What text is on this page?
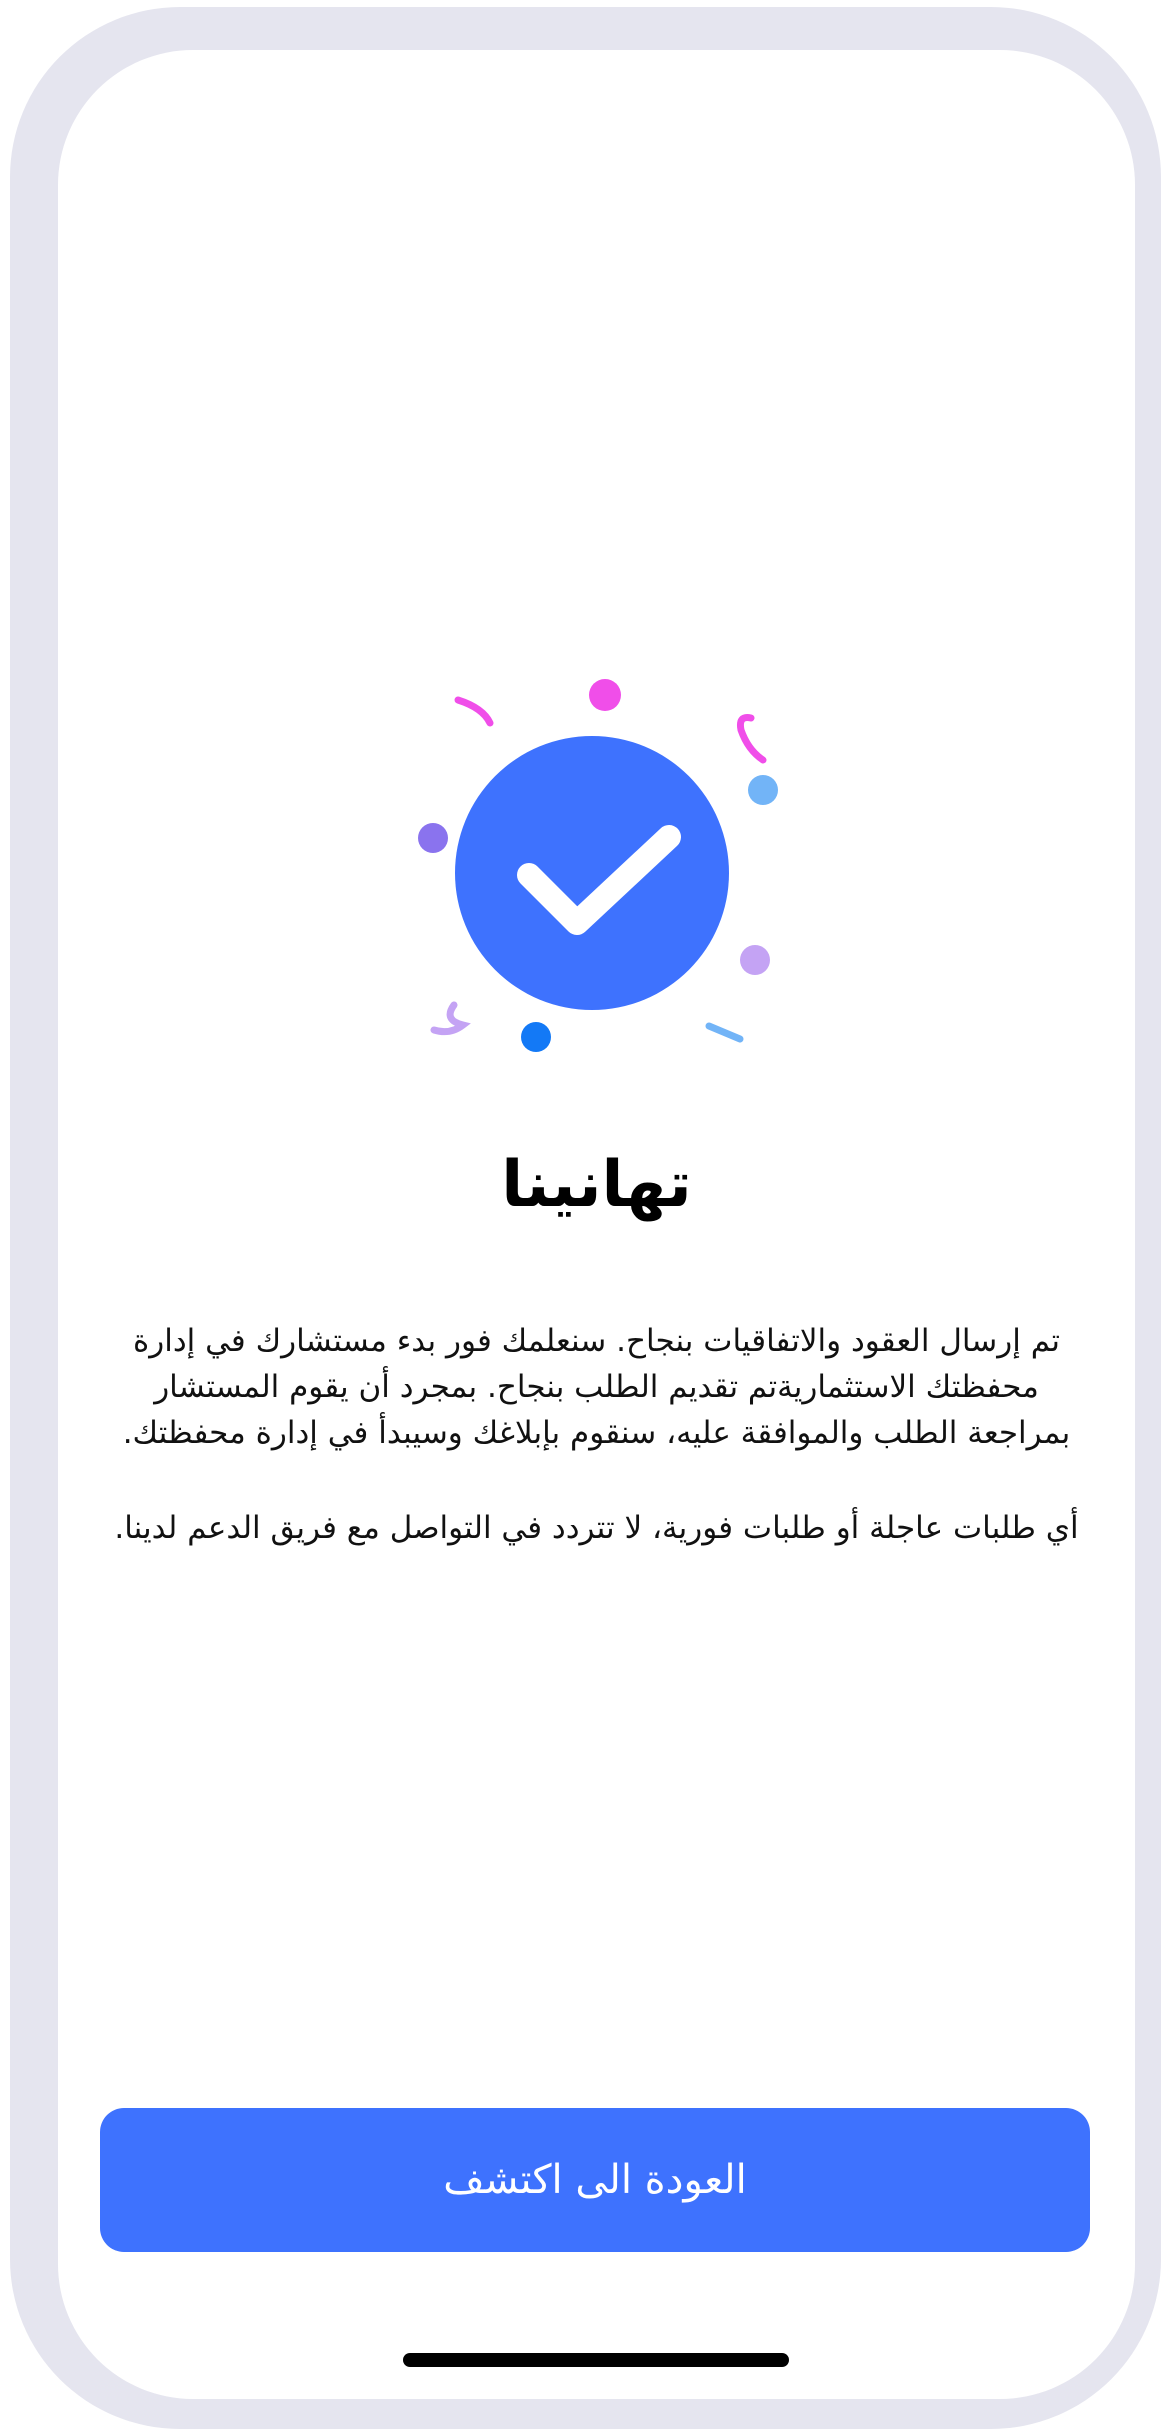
تهانينا
تم إرسال العقود والاتفاقيات بنجاح. سنعلمك فور بدء مستشارك في إدارة محفظتك الاستثماريةتم تقديم الطلب بنجاح. بمجرد أن يقوم المستشار بمراجعة الطلب والموافقة عليه، سنقوم بإبلاغك وسيبدأ في إدارة محفظتك.
أي طلبات عاجلة أو طلبات فورية، لا تتردد في التواصل مع فريق الدعم لدينا.
العودة الى اكتشف
